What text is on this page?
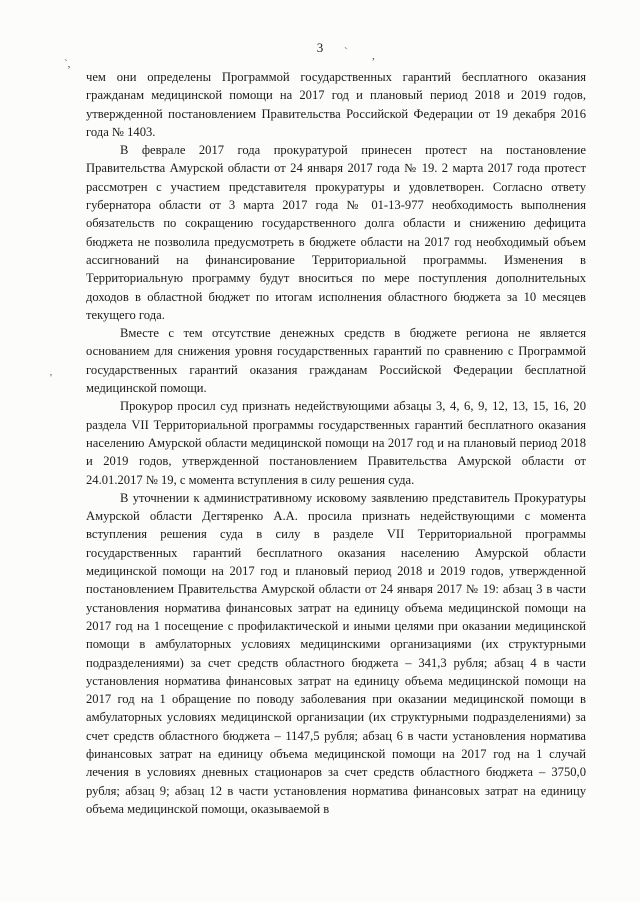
`,
` ,
'

3

чем они определены Программой государственных гарантий бесплатного оказания гражданам медицинской помощи на 2017 год и плановый период 2018 и 2019 годов, утвержденной постановлением Правительства Российской Федерации от 19 декабря 2016 года № 1403.

В феврале 2017 года прокуратурой принесен протест на постановление Правительства Амурской области от 24 января 2017 года № 19. 2 марта 2017 года протест рассмотрен с участием представителя прокуратуры и удовлетворен. Согласно ответу губернатора области от 3 марта 2017 года № 01-13-977 необходимость выполнения обязательств по сокращению государственного долга области и снижению дефицита бюджета не позволила предусмотреть в бюджете области на 2017 год необходимый объем ассигнований на финансирование Территориальной программы. Изменения в Территориальную программу будут вноситься по мере поступления дополнительных доходов в областной бюджет по итогам исполнения областного бюджета за 10 месяцев текущего года.

Вместе с тем отсутствие денежных средств в бюджете региона не является основанием для снижения уровня государственных гарантий по сравнению с Программой государственных гарантий оказания гражданам Российской Федерации бесплатной медицинской помощи.

Прокурор просил суд признать недействующими абзацы 3, 4, 6, 9, 12, 13, 15, 16, 20 раздела VII Территориальной программы государственных гарантий бесплатного оказания населению Амурской области медицинской помощи на 2017 год и на плановый период 2018 и 2019 годов, утвержденной постановлением Правительства Амурской области от 24.01.2017 № 19, с момента вступления в силу решения суда.

В уточнении к административному исковому заявлению представитель Прокуратуры Амурской области Дегтяренко А.А. просила признать недействующими с момента вступления решения суда в силу в разделе VII Территориальной программы государственных гарантий бесплатного оказания населению Амурской области медицинской помощи на 2017 год и плановый период 2018 и 2019 годов, утвержденной постановлением Правительства Амурской области от 24 января 2017 № 19: абзац 3 в части установления норматива финансовых затрат на единицу объема медицинской помощи на 2017 год на 1 посещение с профилактической и иными целями при оказании медицинской помощи в амбулаторных условиях медицинскими организациями (их структурными подразделениями) за счет средств областного бюджета – 341,3 рубля; абзац 4 в части установления норматива финансовых затрат на единицу объема медицинской помощи на 2017 год на 1 обращение по поводу заболевания при оказании медицинской помощи в амбулаторных условиях медицинской организации (их структурными подразделениями) за счет средств областного бюджета – 1147,5 рубля; абзац 6 в части установления норматива финансовых затрат на единицу объема медицинской помощи на 2017 год на 1 случай лечения в условиях дневных стационаров за счет средств областного бюджета – 3750,0 рубля; абзац 9; абзац 12 в части установления норматива финансовых затрат на единицу объема медицинской помощи, оказываемой в
